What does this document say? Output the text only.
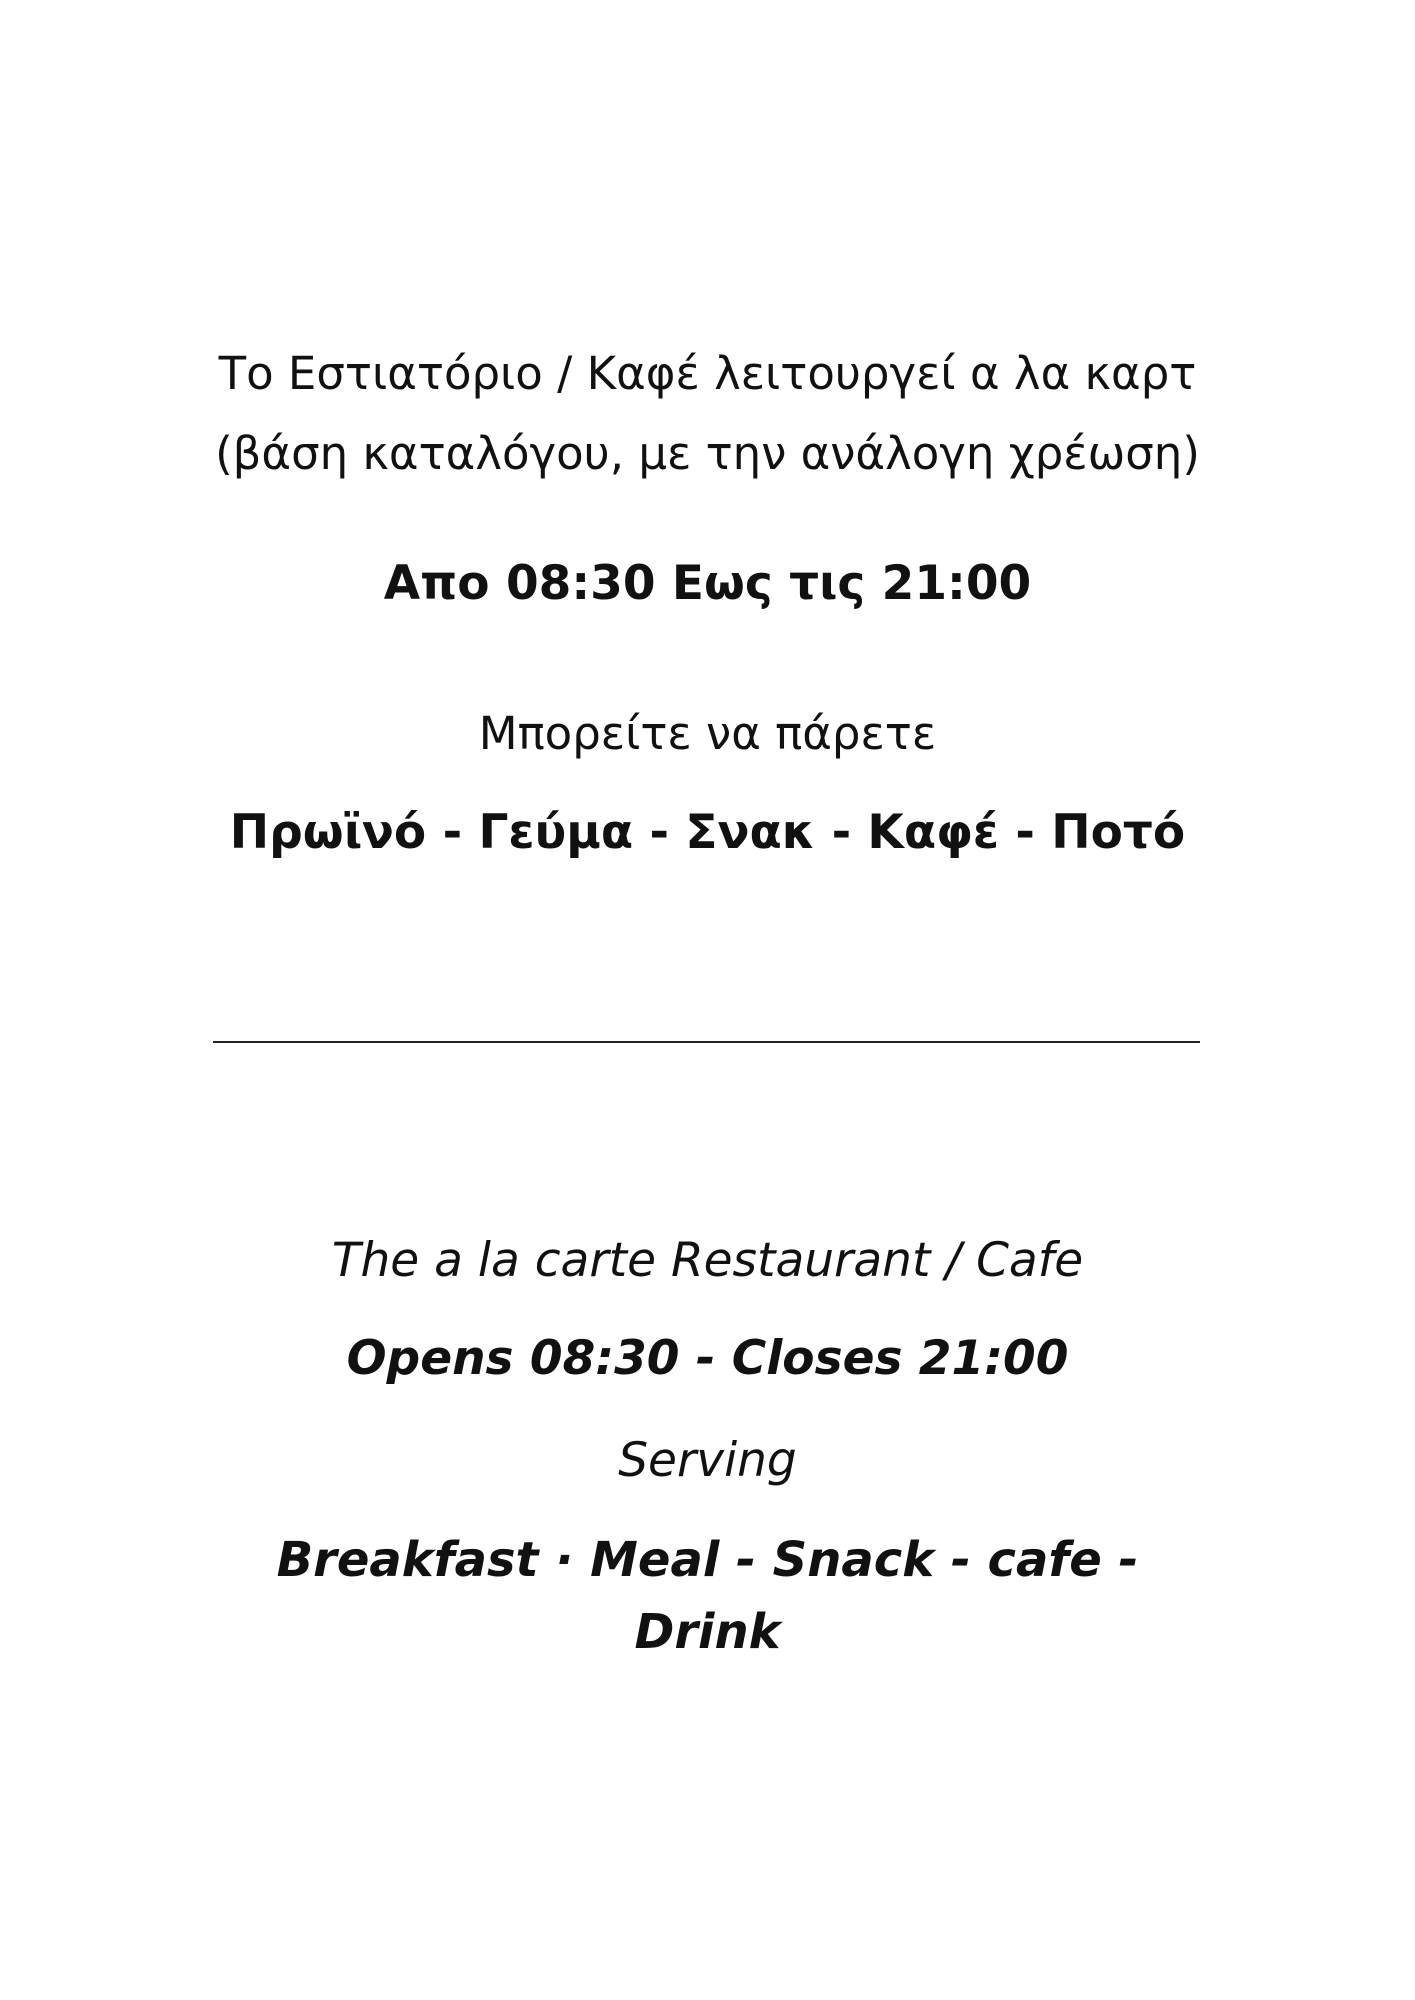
Το Εστιατόριο / Καφέ λειτουργεί α λα καρτ
(βάση καταλόγου, με την ανάλογη χρέωση)
Απο 08:30 Εως τις 21:00
Μπορείτε να πάρετε
Πρωϊνό - Γεύμα - Σνακ - Καφέ - Ποτό
The a la carte Restaurant / Cafe
Opens 08:30 - Closes 21:00
Serving
Breakfast · Meal - Snack - cafe -
Drink
